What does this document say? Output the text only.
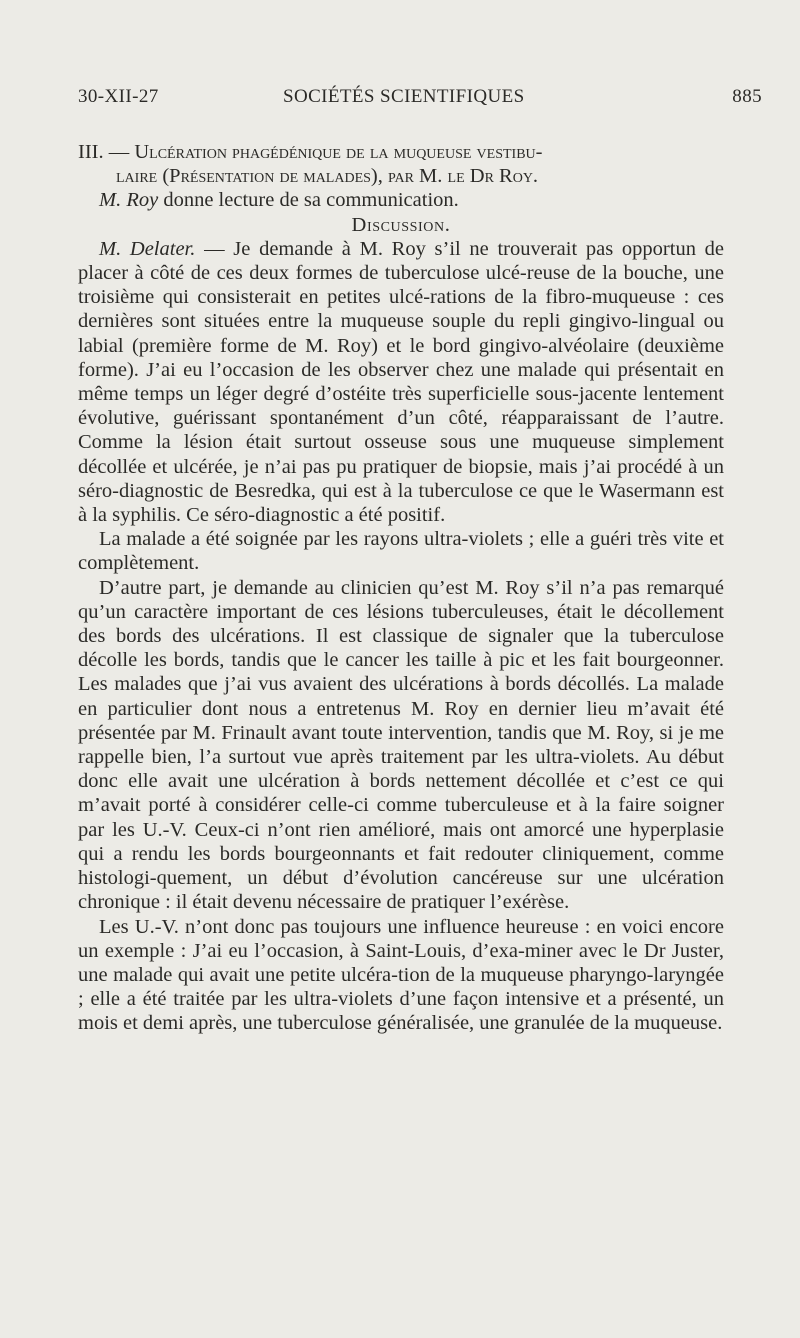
30-XII-27	SOCIÉTÉS SCIENTIFIQUES	885

III. — Ulcération phagédénique de la muqueuse vestibu-
laire (Présentation de malades), par M. le Dr Roy.

M. Roy donne lecture de sa communication.

Discussion.

M. Delater. — Je demande à M. Roy s’il ne trouverait pas opportun de placer à côté de ces deux formes de tuberculose ulcé-reuse de la bouche, une troisième qui consisterait en petites ulcé-rations de la fibro-muqueuse : ces dernières sont situées entre la muqueuse souple du repli gingivo-lingual ou labial (première forme de M. Roy) et le bord gingivo-alvéolaire (deuxième forme). J’ai eu l’occasion de les observer chez une malade qui présentait en même temps un léger degré d’ostéite très superficielle sous-jacente lentement évolutive, guérissant spontanément d’un côté, réapparaissant de l’autre. Comme la lésion était surtout osseuse sous une muqueuse simplement décollée et ulcérée, je n’ai pas pu pratiquer de biopsie, mais j’ai procédé à un séro-diagnostic de Besredka, qui est à la tuberculose ce que le Wasermann est à la syphilis. Ce séro-diagnostic a été positif.

La malade a été soignée par les rayons ultra-violets ; elle a guéri très vite et complètement.

D’autre part, je demande au clinicien qu’est M. Roy s’il n’a pas remarqué qu’un caractère important de ces lésions tuberculeuses, était le décollement des bords des ulcérations. Il est classique de signaler que la tuberculose décolle les bords, tandis que le cancer les taille à pic et les fait bourgeonner. Les malades que j’ai vus avaient des ulcérations à bords décollés. La malade en particulier dont nous a entretenus M. Roy en dernier lieu m’avait été présentée par M. Frinault avant toute intervention, tandis que M. Roy, si je me rappelle bien, l’a surtout vue après traitement par les ultra-violets. Au début donc elle avait une ulcération à bords nettement décollée et c’est ce qui m’avait porté à considérer celle-ci comme tuberculeuse et à la faire soigner par les U.-V. Ceux-ci n’ont rien amélioré, mais ont amorcé une hyperplasie qui a rendu les bords bourgeonnants et fait redouter cliniquement, comme histologi-quement, un début d’évolution cancéreuse sur une ulcération chronique : il était devenu nécessaire de pratiquer l’exérèse.

Les U.-V. n’ont donc pas toujours une influence heureuse : en voici encore un exemple : J’ai eu l’occasion, à Saint-Louis, d’exa-miner avec le Dr Juster, une malade qui avait une petite ulcéra-tion de la muqueuse pharyngo-laryngée ; elle a été traitée par les ultra-violets d’une façon intensive et a présenté, un mois et demi après, une tuberculose généralisée, une granulée de la muqueuse.
